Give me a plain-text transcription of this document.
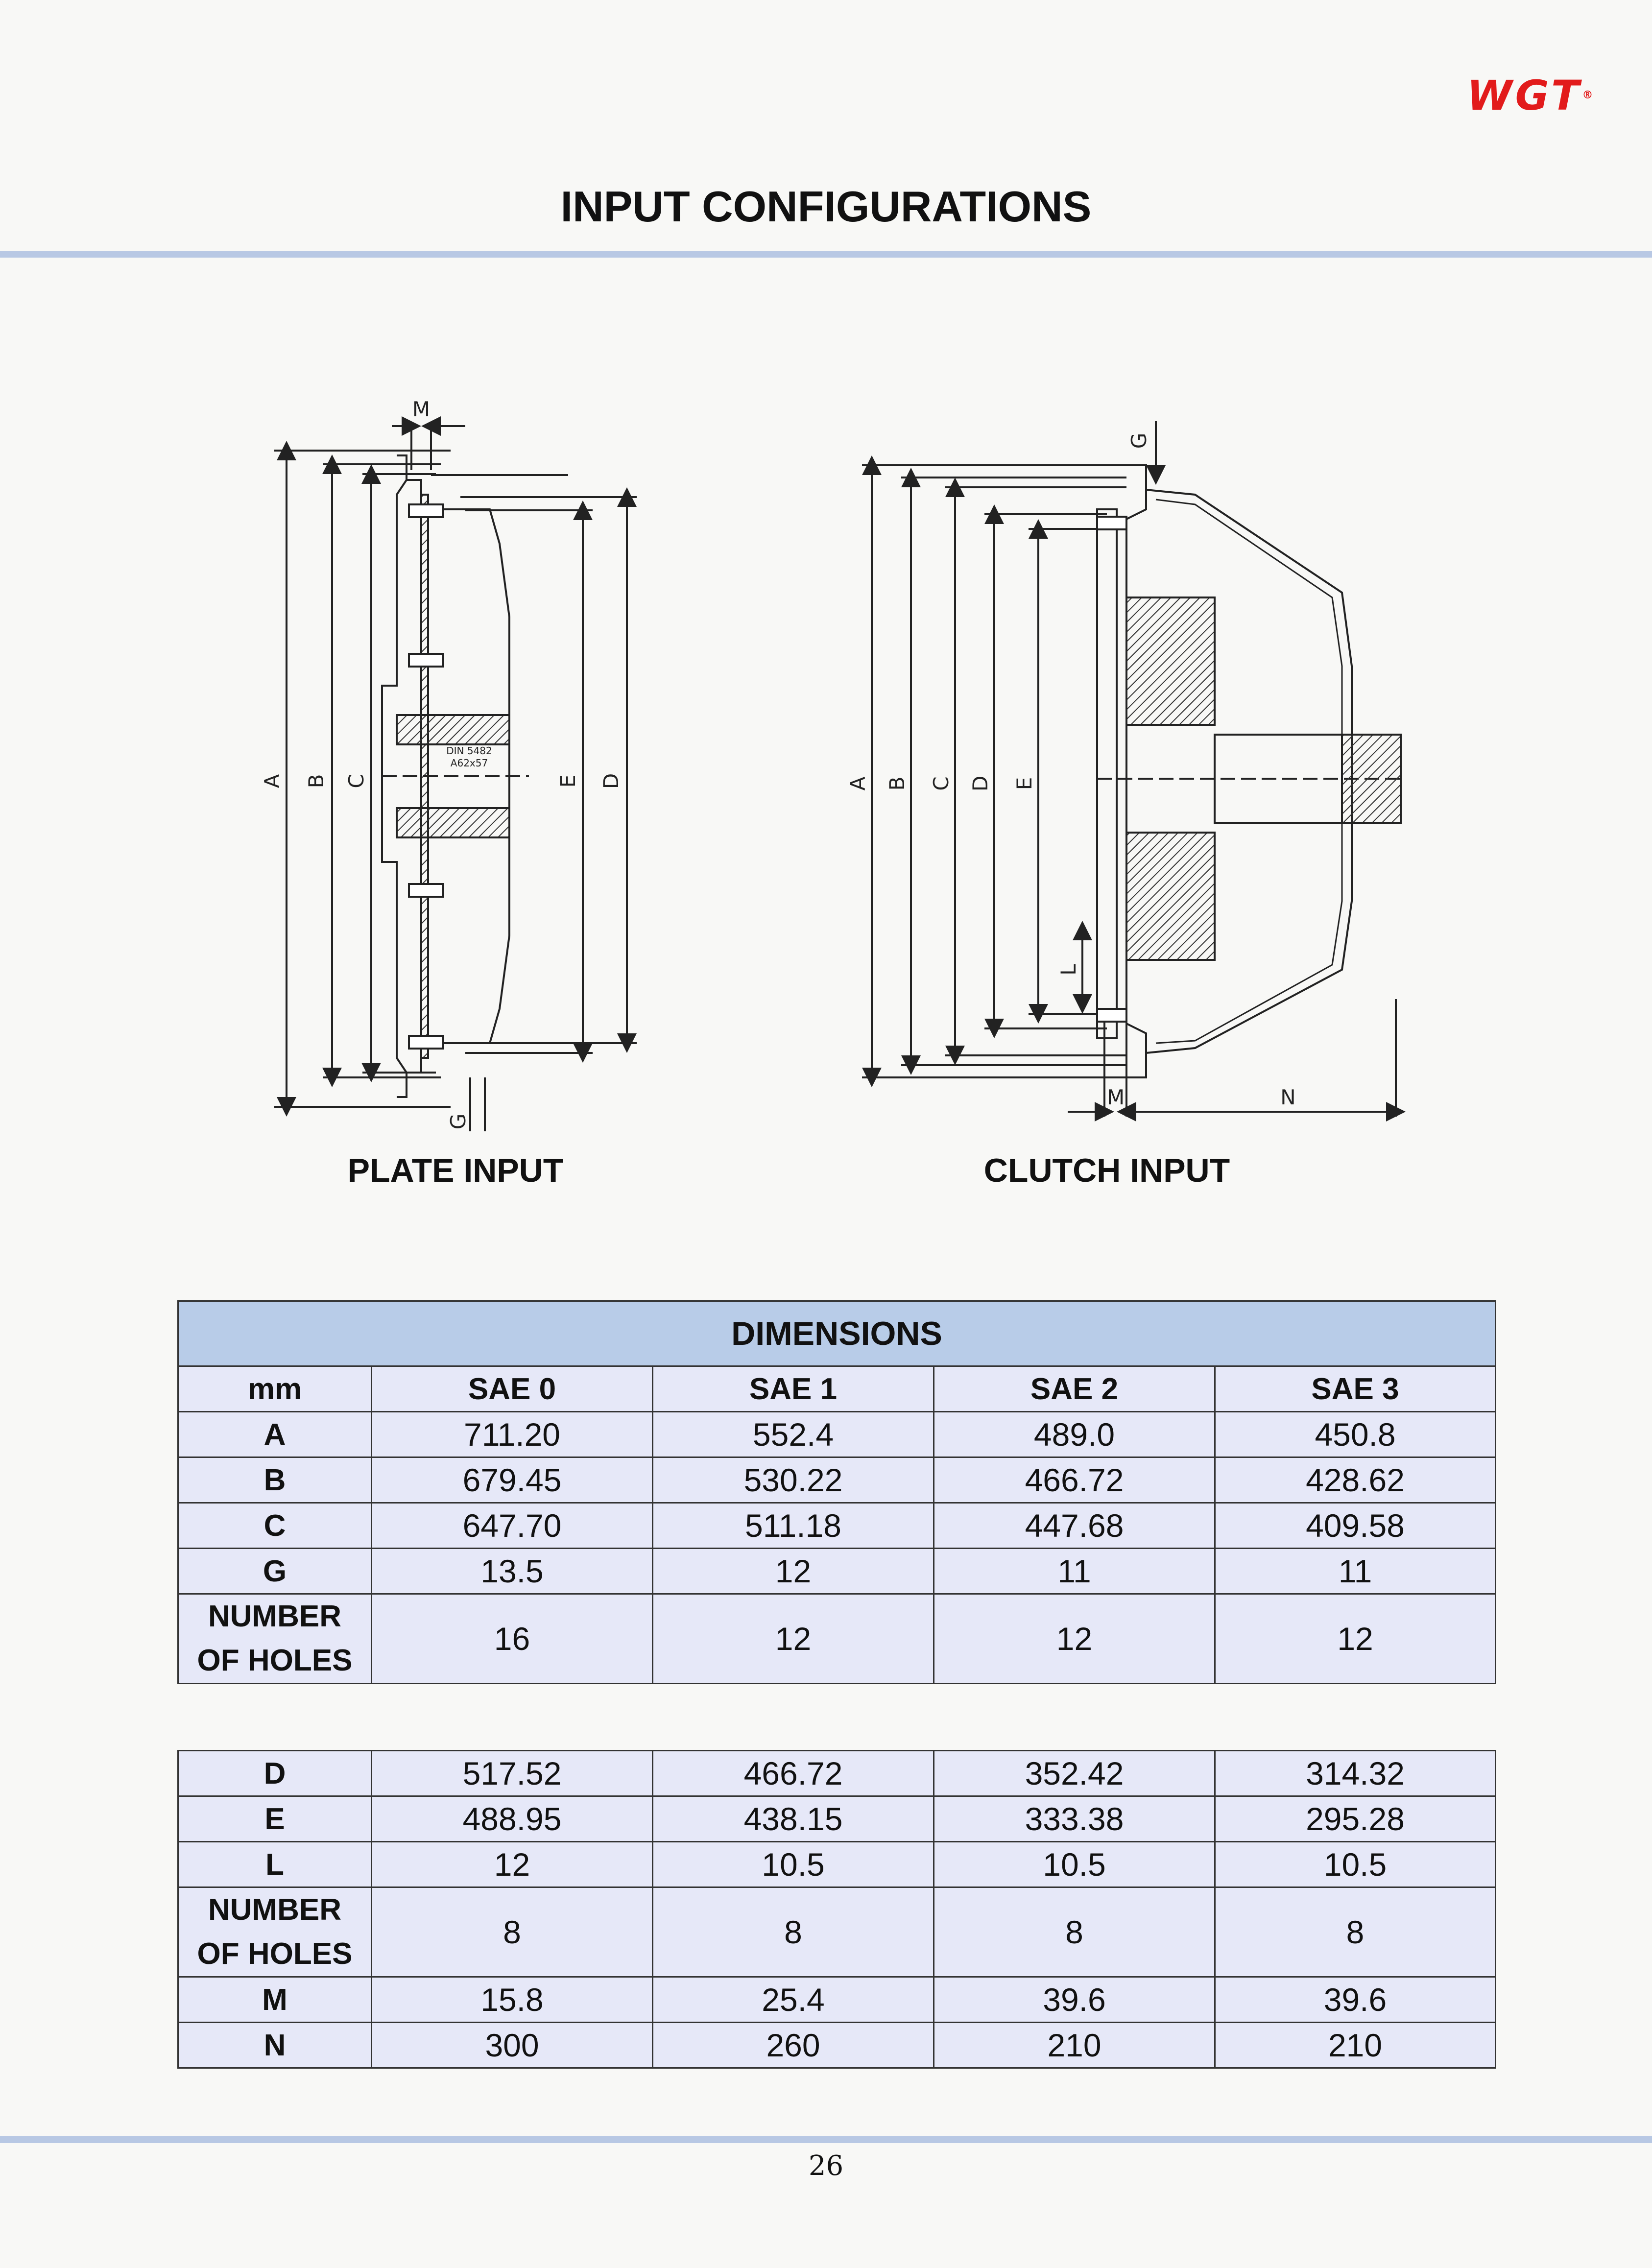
WGT®
INPUT CONFIGURATIONS
A B C	E D
M
G
DIN 5482
A62x57
PLATE INPUT
A B C D E
L
G
M	N
CLUTCH INPUT
DIMENSIONS				
mm	SAE 0	SAE 1	SAE 2	SAE 3
A	711.20	552.4	489.0	450.8
B	679.45	530.22	466.72	428.62
C	647.70	511.18	447.68	409.58
G	13.5	12	11	11
NUMBER
OF HOLES	16	12	12	12
D	517.52	466.72	352.42	314.32
E	488.95	438.15	333.38	295.28
L	12	10.5	10.5	10.5
NUMBER
OF HOLES	8	8	8	8
M	15.8	25.4	39.6	39.6
N	300	260	210	210
26
